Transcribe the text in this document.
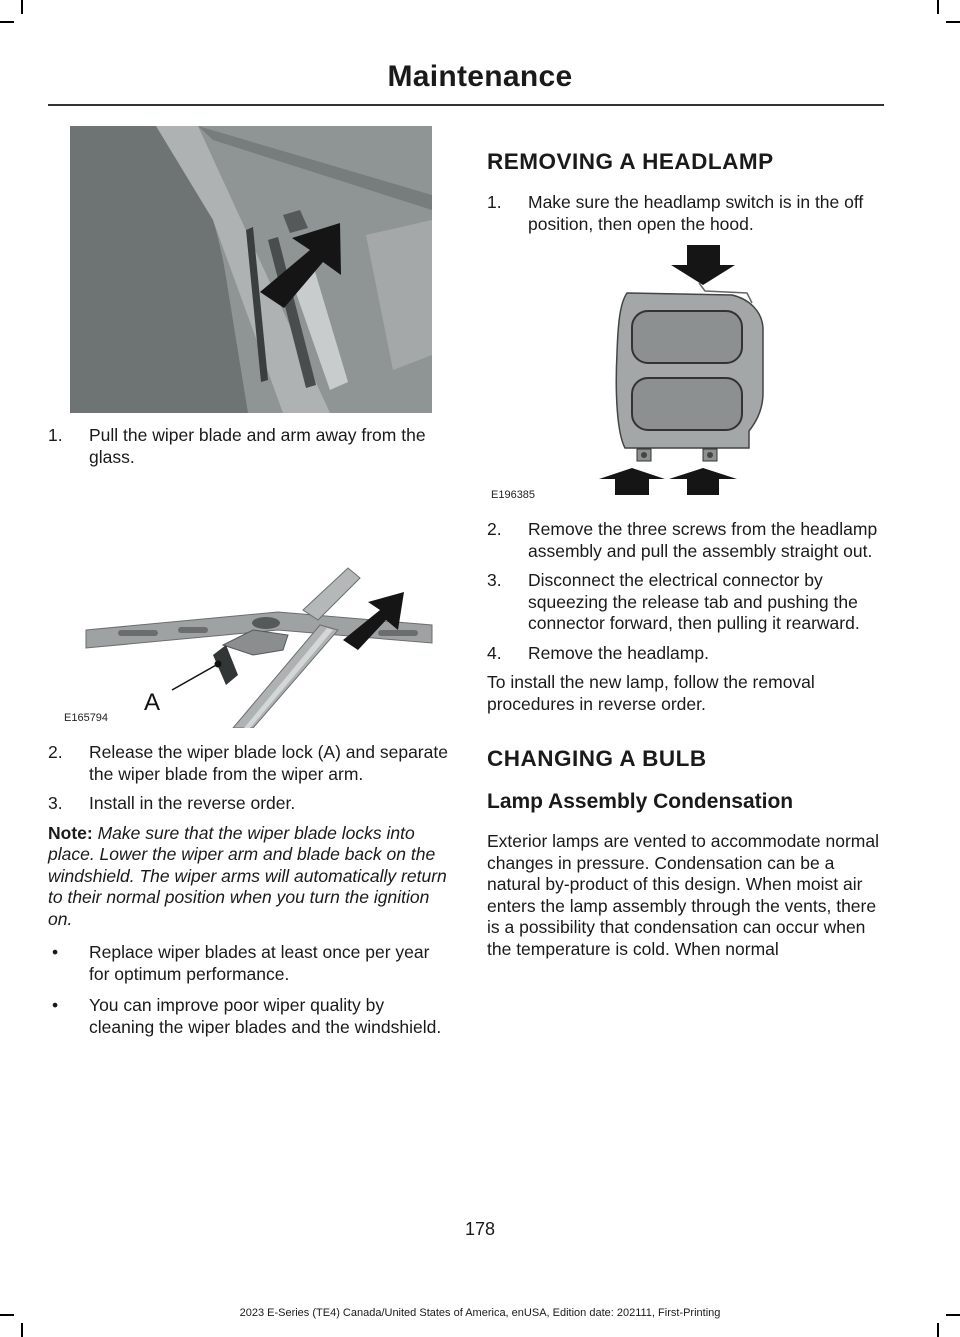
Maintenance
1. Pull the wiper blade and arm away from the glass.
A
E165794
2. Release the wiper blade lock (A) and separate the wiper blade from the wiper arm.
3. Install in the reverse order.
Note: Make sure that the wiper blade locks into place. Lower the wiper arm and blade back on the windshield. The wiper arms will automatically return to their normal position when you turn the ignition on.
• Replace wiper blades at least once per year for optimum performance.
• You can improve poor wiper quality by cleaning the wiper blades and the windshield.
REMOVING A HEADLAMP
1. Make sure the headlamp switch is in the off position, then open the hood.
E196385
2. Remove the three screws from the headlamp assembly and pull the assembly straight out.
3. Disconnect the electrical connector by squeezing the release tab and pushing the connector forward, then pulling it rearward.
4. Remove the headlamp.
To install the new lamp, follow the removal procedures in reverse order.
CHANGING A BULB
Lamp Assembly Condensation
Exterior lamps are vented to accommodate normal changes in pressure. Condensation can be a natural by-product of this design. When moist air enters the lamp assembly through the vents, there is a possibility that condensation can occur when the temperature is cold. When normal
178
2023 E-Series (TE4) Canada/United States of America, enUSA, Edition date: 202111, First-Printing
